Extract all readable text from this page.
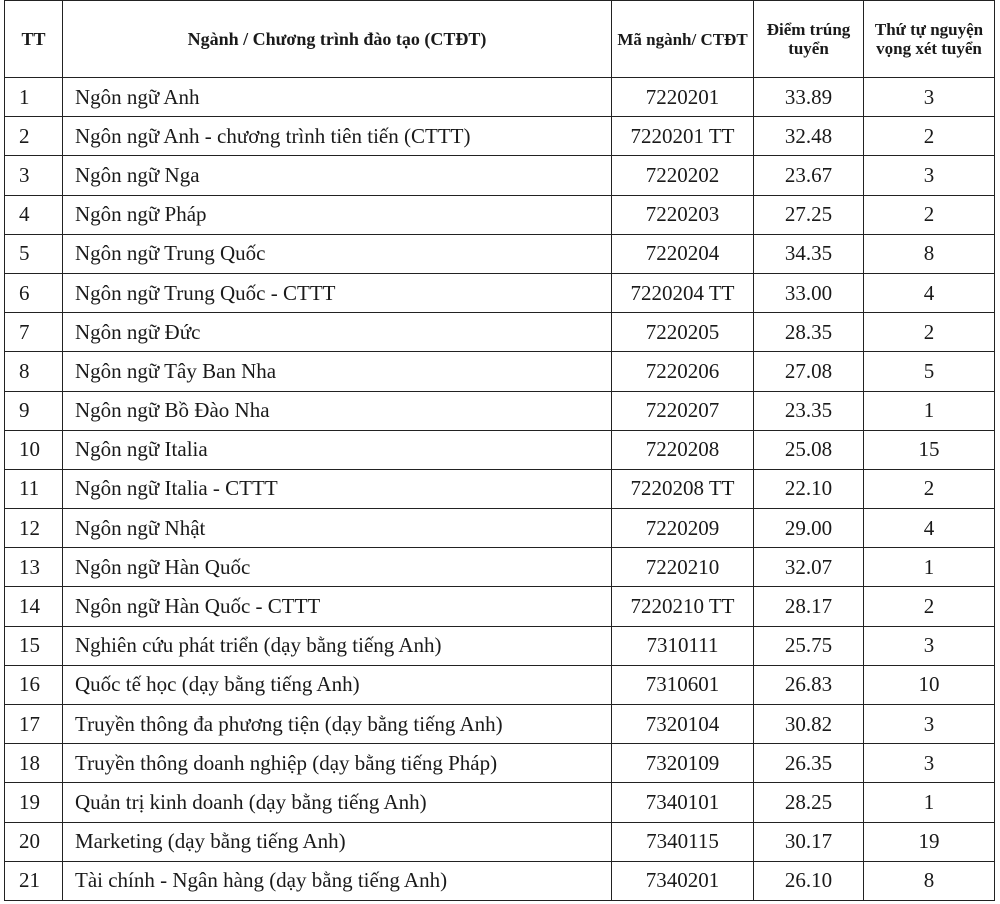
TT	Ngành / Chương trình đào tạo (CTĐT)	Mã ngành/ CTĐT	Điểm trúng tuyển	Thứ tự nguyện vọng xét tuyển
1	Ngôn ngữ Anh	7220201	33.89	3
2	Ngôn ngữ Anh - chương trình tiên tiến (CTTT)	7220201 TT	32.48	2
3	Ngôn ngữ Nga	7220202	23.67	3
4	Ngôn ngữ Pháp	7220203	27.25	2
5	Ngôn ngữ Trung Quốc	7220204	34.35	8
6	Ngôn ngữ Trung Quốc - CTTT	7220204 TT	33.00	4
7	Ngôn ngữ Đức	7220205	28.35	2
8	Ngôn ngữ Tây Ban Nha	7220206	27.08	5
9	Ngôn ngữ Bồ Đào Nha	7220207	23.35	1
10	Ngôn ngữ Italia	7220208	25.08	15
11	Ngôn ngữ Italia - CTTT	7220208 TT	22.10	2
12	Ngôn ngữ Nhật	7220209	29.00	4
13	Ngôn ngữ Hàn Quốc	7220210	32.07	1
14	Ngôn ngữ Hàn Quốc - CTTT	7220210 TT	28.17	2
15	Nghiên cứu phát triển (dạy bằng tiếng Anh)	7310111	25.75	3
16	Quốc tế học (dạy bằng tiếng Anh)	7310601	26.83	10
17	Truyền thông đa phương tiện (dạy bằng tiếng Anh)	7320104	30.82	3
18	Truyền thông doanh nghiệp (dạy bằng tiếng Pháp)	7320109	26.35	3
19	Quản trị kinh doanh (dạy bằng tiếng Anh)	7340101	28.25	1
20	Marketing (dạy bằng tiếng Anh)	7340115	30.17	19
21	Tài chính - Ngân hàng (dạy bằng tiếng Anh)	7340201	26.10	8
